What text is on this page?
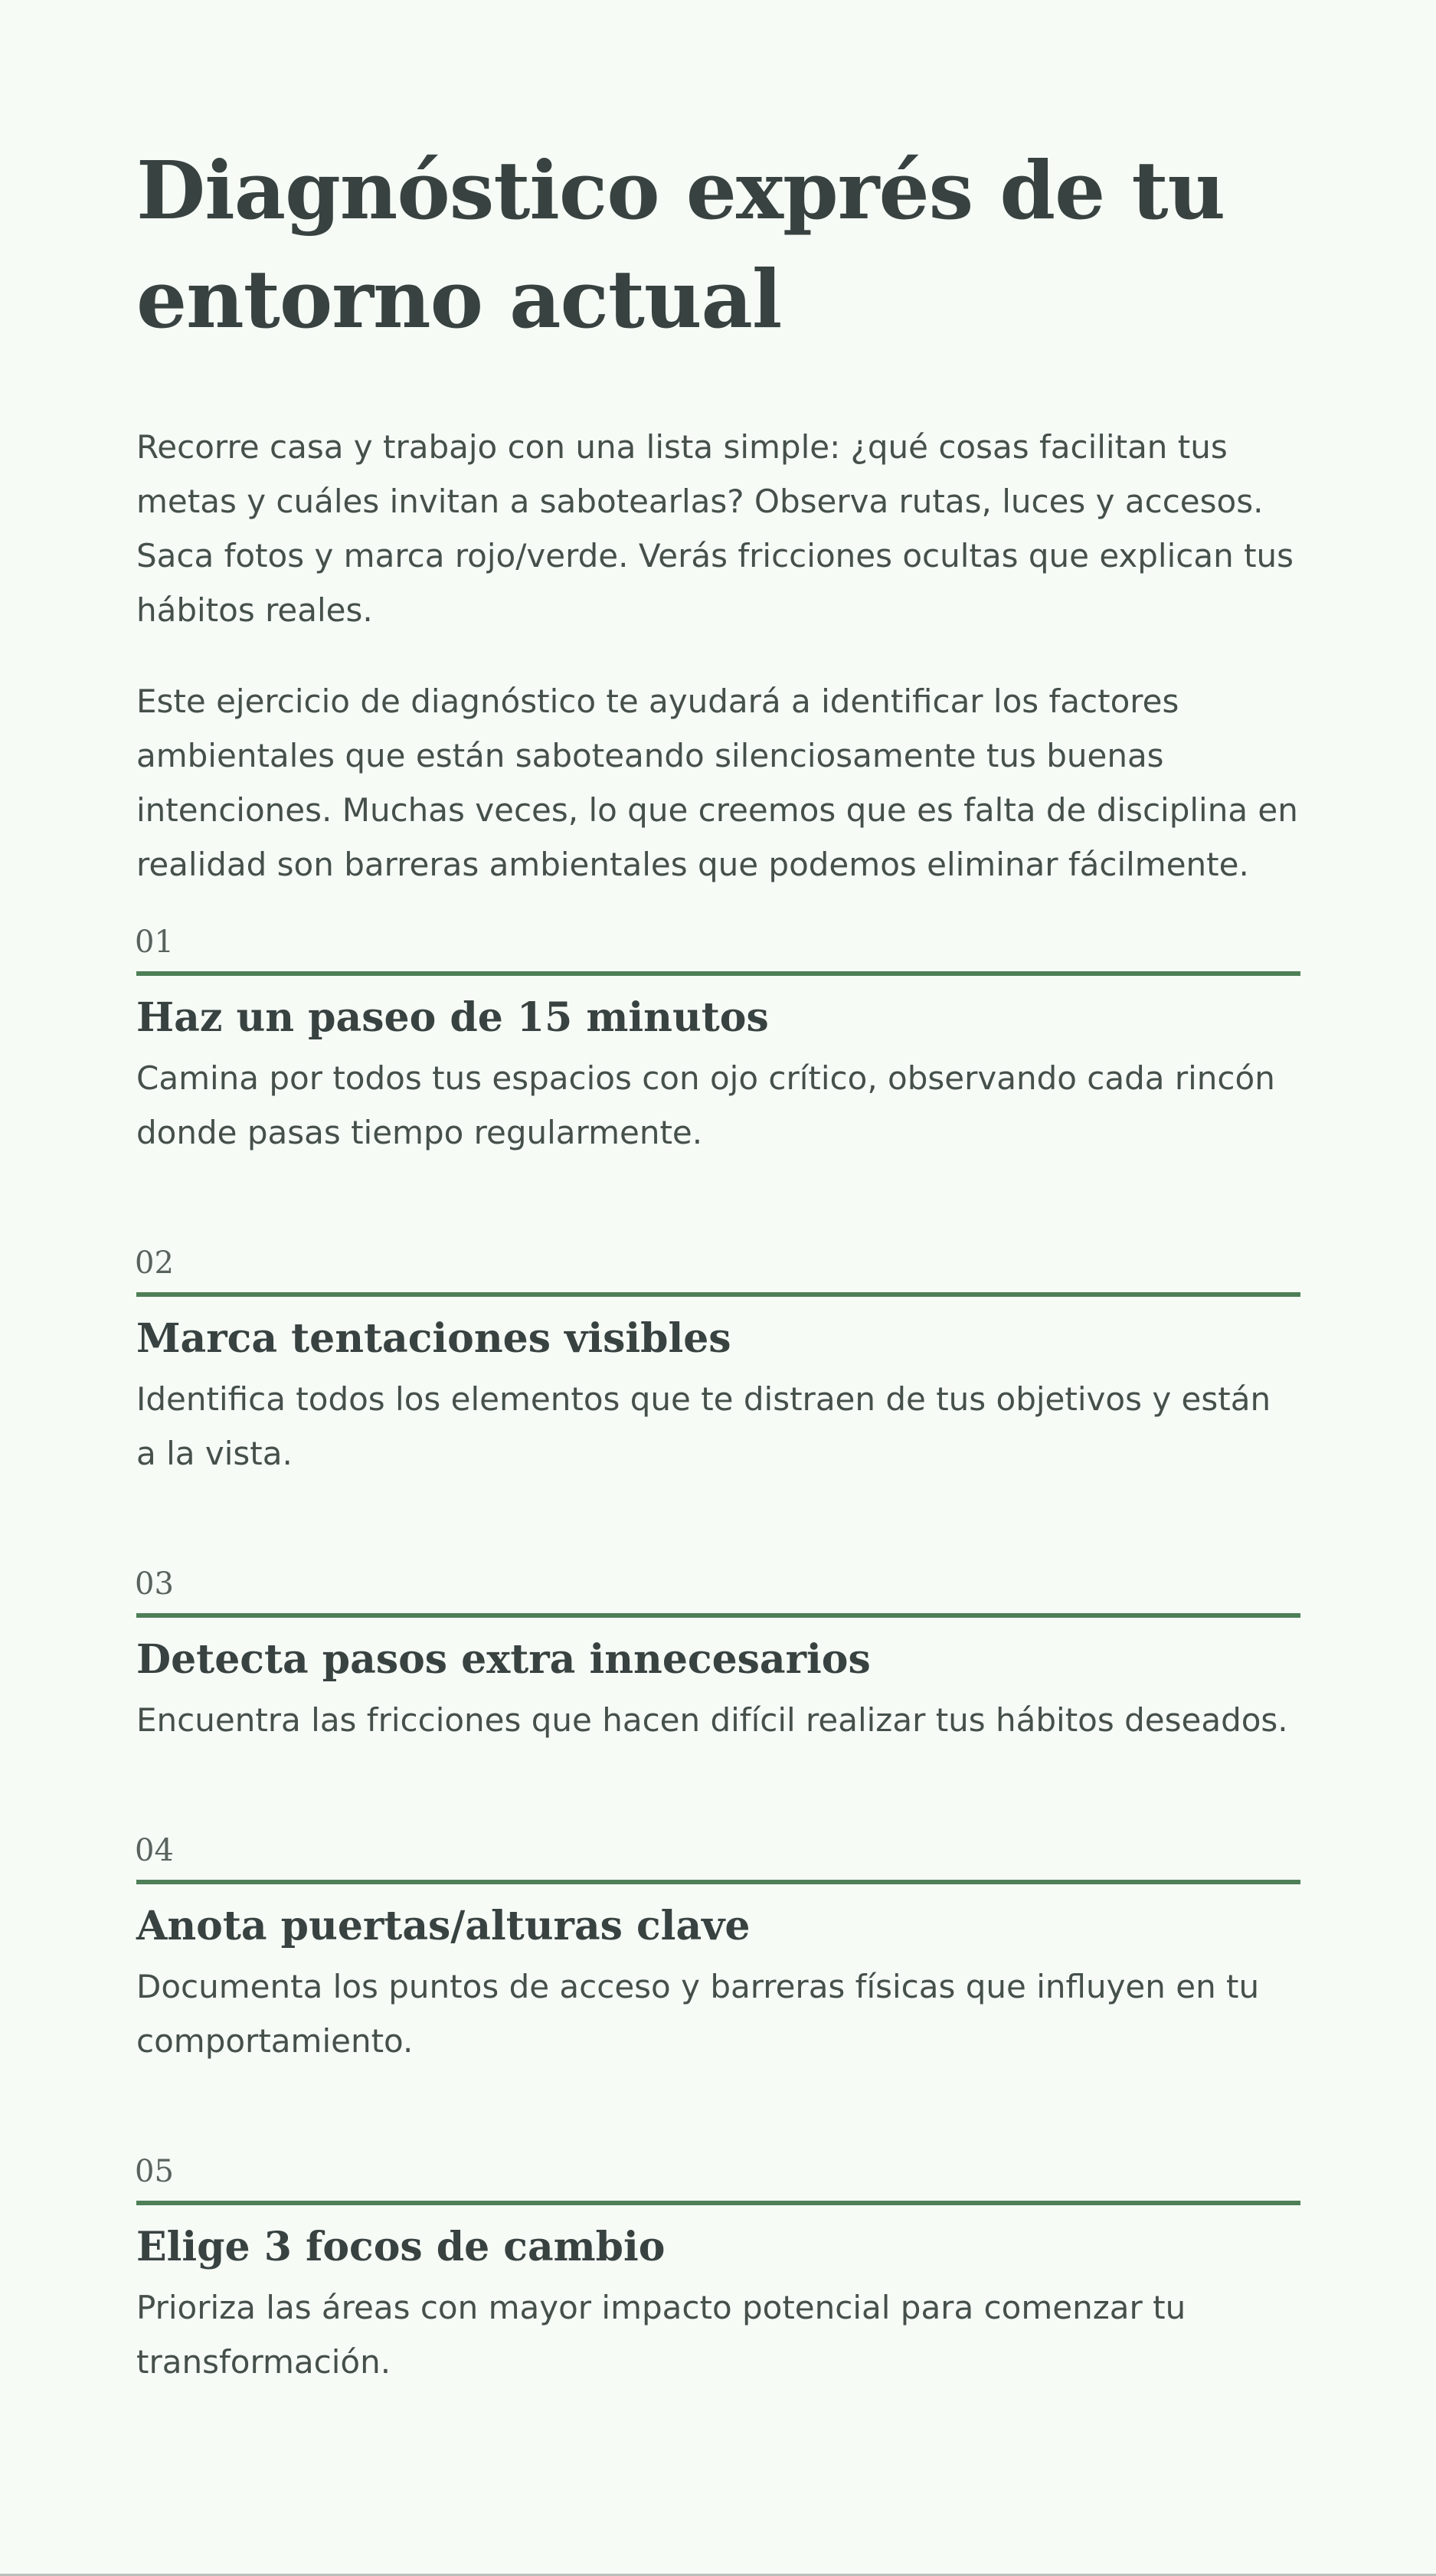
Diagnóstico exprés de tu entorno actual

Recorre casa y trabajo con una lista simple: ¿qué cosas facilitan tus metas y cuáles invitan a sabotearlas? Observa rutas, luces y accesos. Saca fotos y marca rojo/verde. Verás fricciones ocultas que explican tus hábitos reales.

Este ejercicio de diagnóstico te ayudará a identificar los factores ambientales que están saboteando silenciosamente tus buenas intenciones. Muchas veces, lo que creemos que es falta de disciplina en realidad son barreras ambientales que podemos eliminar fácilmente.

01
Haz un paseo de 15 minutos
Camina por todos tus espacios con ojo crítico, observando cada rincón donde pasas tiempo regularmente.
02
Marca tentaciones visibles
Identifica todos los elementos que te distraen de tus objetivos y están a la vista.
03
Detecta pasos extra innecesarios
Encuentra las fricciones que hacen difícil realizar tus hábitos deseados.
04
Anota puertas/alturas clave
Documenta los puntos de acceso y barreras físicas que influyen en tu comportamiento.
05
Elige 3 focos de cambio
Prioriza las áreas con mayor impacto potencial para comenzar tu transformación.
